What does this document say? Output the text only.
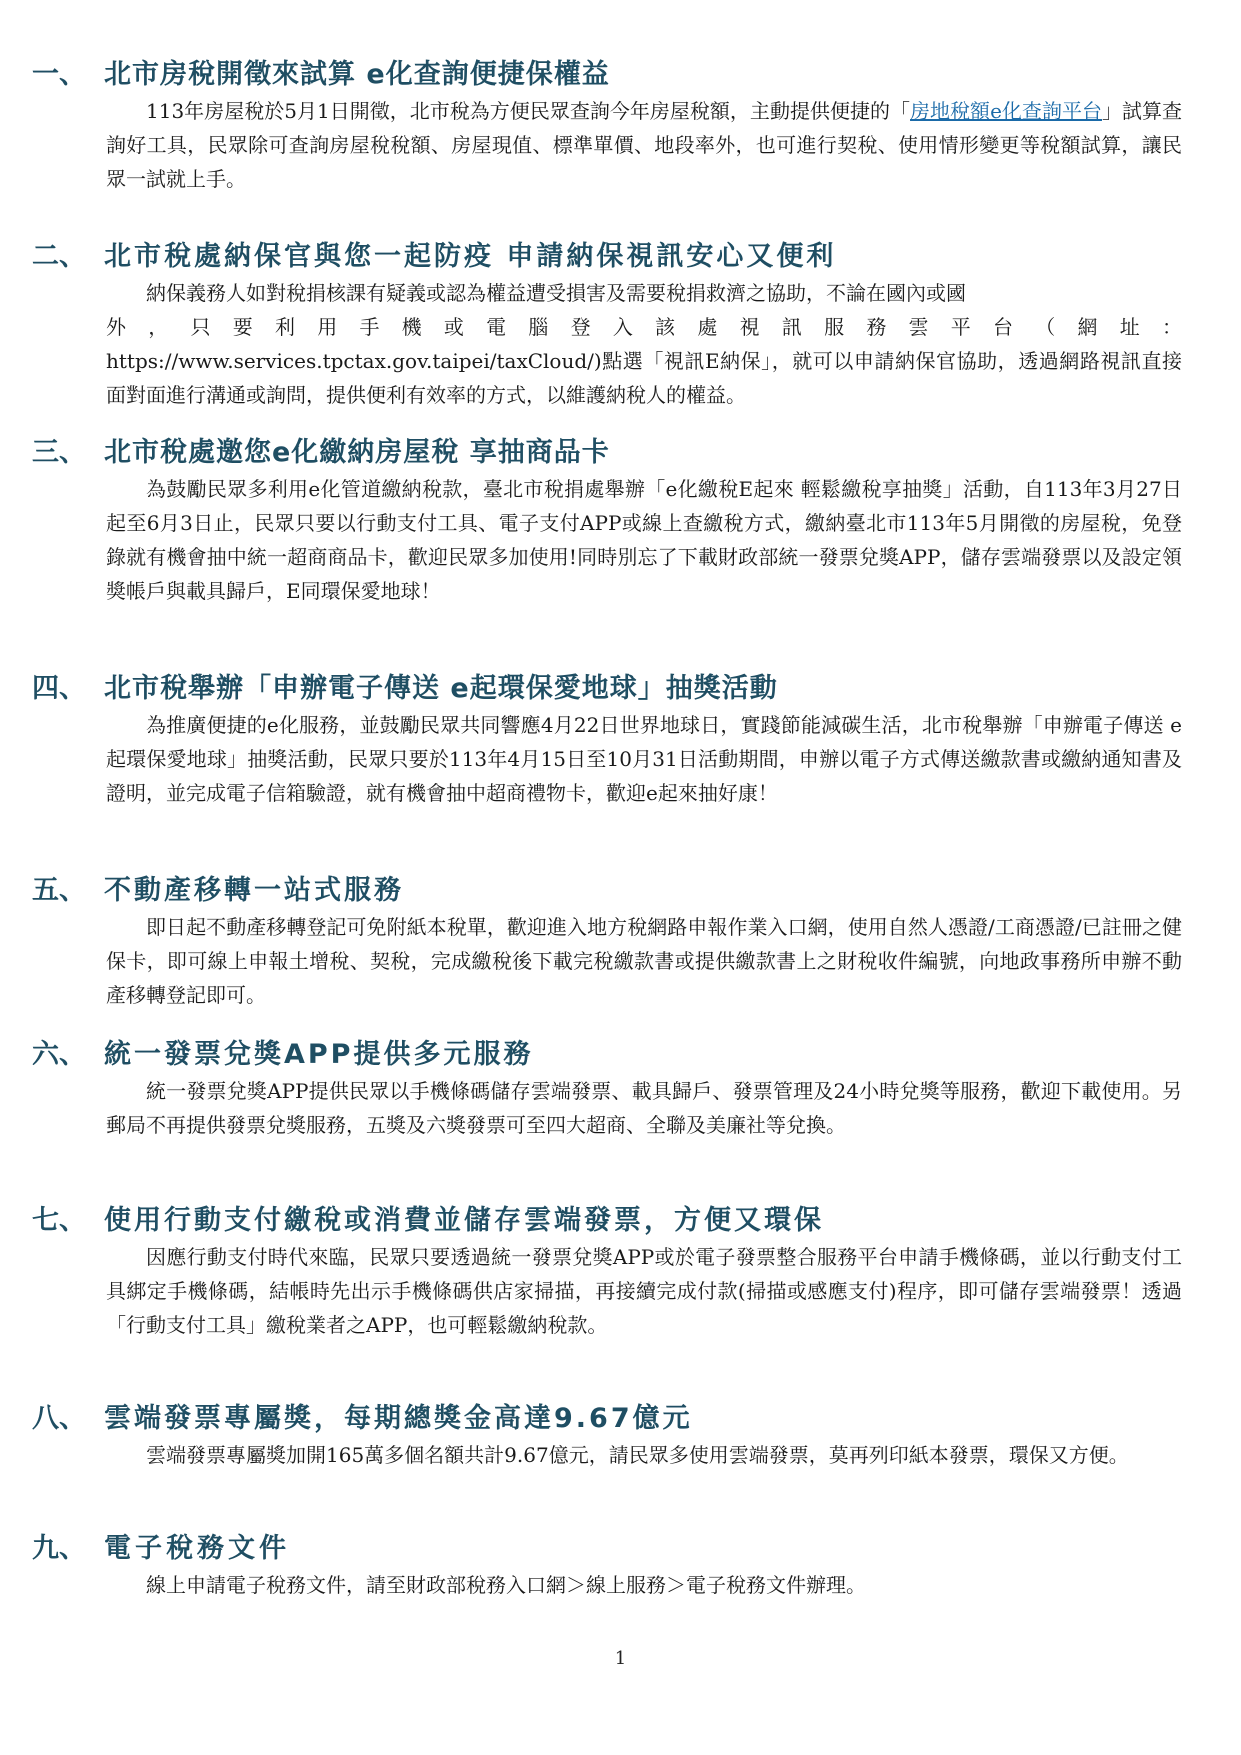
一、 北市房稅開徵來試算 e化查詢便捷保權益
113年房屋稅於5月1日開徵，北市稅為方便民眾查詢今年房屋稅額，主動提供便捷的「房地稅額e化查詢平台」試算查詢好工具，民眾除可查詢房屋稅稅額、房屋現值、標準單價、地段率外，也可進行契稅、使用情形變更等稅額試算，讓民眾一試就上手。
二、 北市稅處納保官與您一起防疫 申請納保視訊安心又便利
納保義務人如對稅捐核課有疑義或認為權益遭受損害及需要稅捐救濟之協助，不論在國內或國
外，只要利用手機或電腦登入該處視訊服務雲平台（網址：
https://www.services.tpctax.gov.taipei/taxCloud/)點選「視訊E納保」，就可以申請納保官協助，透過網路視訊直接面對面進行溝通或詢問，提供便利有效率的方式，以維護納稅人的權益。
三、 北市稅處邀您e化繳納房屋稅 享抽商品卡
為鼓勵民眾多利用e化管道繳納稅款，臺北市稅捐處舉辦「e化繳稅E起來 輕鬆繳稅享抽獎」活動，自113年3月27日起至6月3日止，民眾只要以行動支付工具、電子支付APP或線上查繳稅方式，繳納臺北市113年5月開徵的房屋稅，免登錄就有機會抽中統一超商商品卡，歡迎民眾多加使用!同時別忘了下載財政部統一發票兌獎APP，儲存雲端發票以及設定領獎帳戶與載具歸戶，E同環保愛地球！
四、 北市稅舉辦「申辦電子傳送 e起環保愛地球」抽獎活動
為推廣便捷的e化服務，並鼓勵民眾共同響應4月22日世界地球日，實踐節能減碳生活，北市稅舉辦「申辦電子傳送 e起環保愛地球」抽獎活動，民眾只要於113年4月15日至10月31日活動期間，申辦以電子方式傳送繳款書或繳納通知書及證明，並完成電子信箱驗證，就有機會抽中超商禮物卡，歡迎e起來抽好康！
五、 不動產移轉一站式服務
即日起不動產移轉登記可免附紙本稅單，歡迎進入地方稅網路申報作業入口網，使用自然人憑證/工商憑證/已註冊之健保卡，即可線上申報土增稅、契稅，完成繳稅後下載完稅繳款書或提供繳款書上之財稅收件編號，向地政事務所申辦不動產移轉登記即可。
六、 統一發票兌獎APP提供多元服務
統一發票兌獎APP提供民眾以手機條碼儲存雲端發票、載具歸戶、發票管理及24小時兌獎等服務，歡迎下載使用。另郵局不再提供發票兌獎服務，五獎及六獎發票可至四大超商、全聯及美廉社等兌換。
七、 使用行動支付繳稅或消費並儲存雲端發票，方便又環保
因應行動支付時代來臨，民眾只要透過統一發票兌獎APP或於電子發票整合服務平台申請手機條碼，並以行動支付工具綁定手機條碼，結帳時先出示手機條碼供店家掃描，再接續完成付款(掃描或感應支付)程序，即可儲存雲端發票！透過「行動支付工具」繳稅業者之APP，也可輕鬆繳納稅款。
八、 雲端發票專屬獎，每期總獎金高達9.67億元
雲端發票專屬獎加開165萬多個名額共計9.67億元，請民眾多使用雲端發票，莫再列印紙本發票，環保又方便。
九、 電子稅務文件
線上申請電子稅務文件，請至財政部稅務入口網＞線上服務＞電子稅務文件辦理。
1
